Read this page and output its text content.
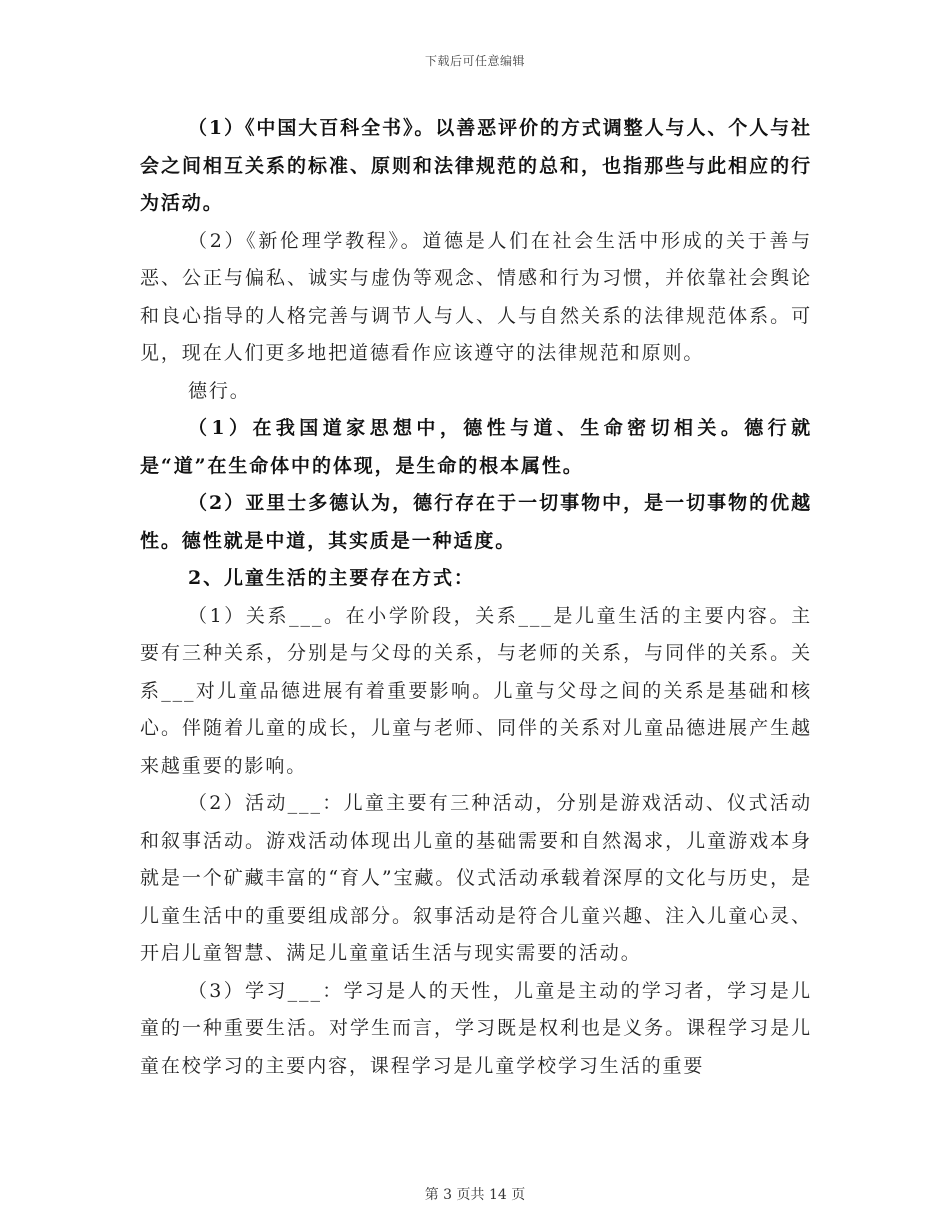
下载后可任意编辑

（1）《中国大百科全书》。以善恶评价的方式调整人与人、个人与社会之间相互关系的标准、原则和法律规范的总和，也指那些与此相应的行为活动。

（2）《新伦理学教程》。道德是人们在社会生活中形成的关于善与恶、公正与偏私、诚实与虚伪等观念、情感和行为习惯，并依靠社会舆论和良心指导的人格完善与调节人与人、人与自然关系的法律规范体系。可见，现在人们更多地把道德看作应该遵守的法律规范和原则。

德行。

（1）在我国道家思想中，德性与道、生命密切相关。德行就是“道”在生命体中的体现，是生命的根本属性。

（2）亚里士多德认为，德行存在于一切事物中，是一切事物的优越性。德性就是中道，其实质是一种适度。

2、儿童生活的主要存在方式：

（1）关系___。在小学阶段，关系___是儿童生活的主要内容。主要有三种关系，分别是与父母的关系，与老师的关系，与同伴的关系。关系___对儿童品德进展有着重要影响。儿童与父母之间的关系是基础和核心。伴随着儿童的成长，儿童与老师、同伴的关系对儿童品德进展产生越来越重要的影响。

（2）活动___：儿童主要有三种活动，分别是游戏活动、仪式活动和叙事活动。游戏活动体现出儿童的基础需要和自然渴求，儿童游戏本身就是一个矿藏丰富的“育人”宝藏。仪式活动承载着深厚的文化与历史，是儿童生活中的重要组成部分。叙事活动是符合儿童兴趣、注入儿童心灵、开启儿童智慧、满足儿童童话生活与现实需要的活动。

（3）学习___：学习是人的天性，儿童是主动的学习者，学习是儿童的一种重要生活。对学生而言，学习既是权利也是义务。课程学习是儿童在校学习的主要内容，课程学习是儿童学校学习生活的重要

第 3 页共 14 页
